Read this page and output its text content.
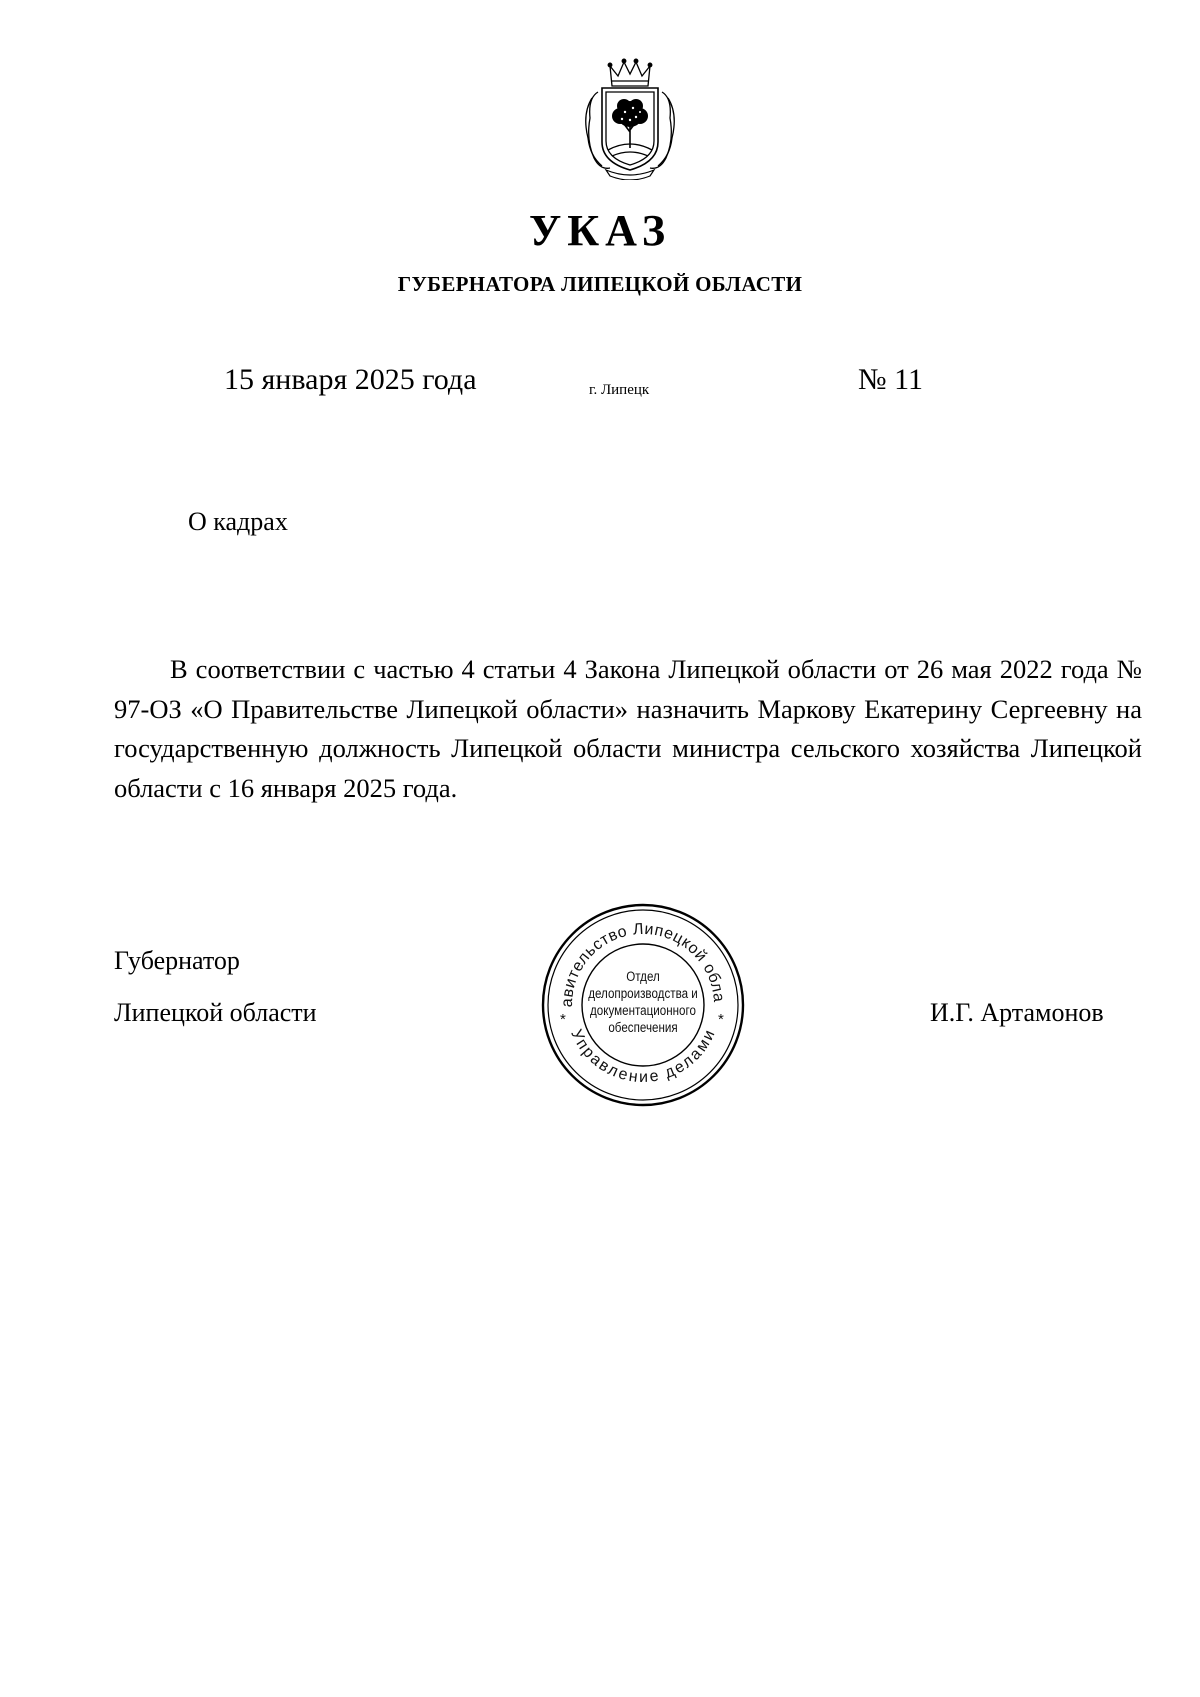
УКАЗ
ГУБЕРНАТОРА ЛИПЕЦКОЙ ОБЛАСТИ
15 января 2025 года	г. Липецк	№ 11
О кадрах

В соответствии с частью 4 статьи 4 Закона Липецкой области от 26 мая 2022 года № 97-ОЗ «О Правительстве Липецкой области» назначить Маркову Екатерину Сергеевну на государственную должность Липецкой области министра сельского хозяйства Липецкой области с 16 января 2025 года.

Губернатор
Липецкой области	И.Г. Артамонов
авительство Липецкой обла
Управление делами
*	*
Отдел
делопроизводства и
документационного
обеспечения
